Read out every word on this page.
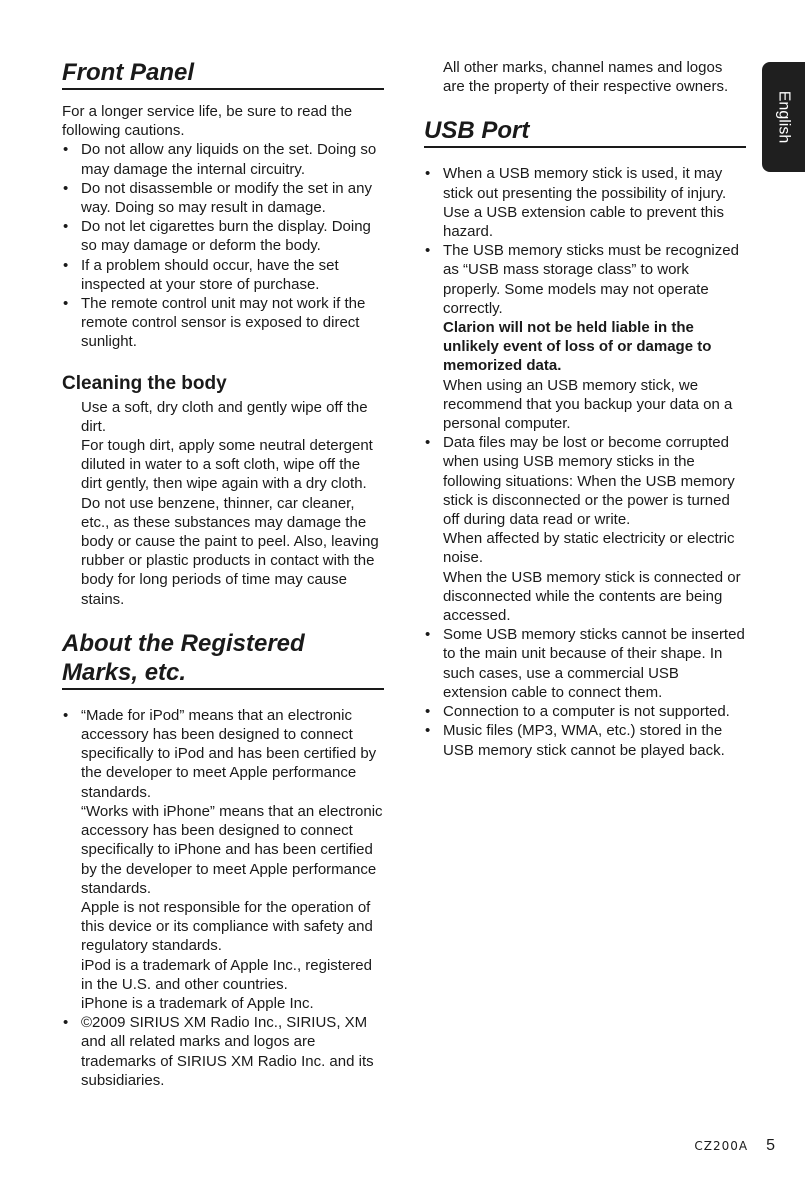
English
Front Panel
For a longer service life, be sure to read the following cautions.
• Do not allow any liquids on the set. Doing so may damage the internal circuitry.
• Do not disassemble or modify the set in any way. Doing so may result in damage.
• Do not let cigarettes burn the display. Doing so may damage or deform the body.
• If a problem should occur, have the set inspected at your store of purchase.
• The remote control unit may not work if the remote control sensor is exposed to direct sunlight.
Cleaning the body
Use a soft, dry cloth and gently wipe off the dirt.
For tough dirt, apply some neutral detergent diluted in water to a soft cloth, wipe off the dirt gently, then wipe again with a dry cloth.
Do not use benzene, thinner, car cleaner, etc., as these substances may damage the body or cause the paint to peel. Also, leaving rubber or plastic products in contact with the body for long periods of time may cause stains.
About the Registered Marks, etc.
• “Made for iPod” means that an electronic accessory has been designed to connect specifically to iPod and has been certified by the developer to meet Apple performance standards.
“Works with iPhone” means that an electronic accessory has been designed to connect specifically to iPhone and has been certified by the developer to meet Apple performance standards.
Apple is not responsible for the operation of this device or its compliance with safety and regulatory standards.
iPod is a trademark of Apple Inc., registered in the U.S. and other countries.
iPhone is a trademark of Apple Inc.
• ©2009 SIRIUS XM Radio Inc., SIRIUS, XM and all related marks and logos are trademarks of SIRIUS XM Radio Inc. and its subsidiaries.
All other marks, channel names and logos are the property of their respective owners.
USB Port
• When a USB memory stick is used, it may stick out presenting the possibility of injury. Use a USB extension cable to prevent this hazard.
• The USB memory sticks must be recognized as “USB mass storage class” to work properly. Some models may not operate correctly.
Clarion will not be held liable in the unlikely event of loss of or damage to memorized data.
When using an USB memory stick, we recommend that you backup your data on a personal computer.
• Data files may be lost or become corrupted when using USB memory sticks in the following situations: When the USB memory stick is disconnected or the power is turned off during data read or write.
When affected by static electricity or electric noise.
When the USB memory stick is connected or disconnected while the contents are being accessed.
• Some USB memory sticks cannot be inserted to the main unit because of their shape. In such cases, use a commercial USB extension cable to connect them.
• Connection to a computer is not supported.
• Music files (MP3, WMA, etc.) stored in the USB memory stick cannot be played back.
CZ200A 5
